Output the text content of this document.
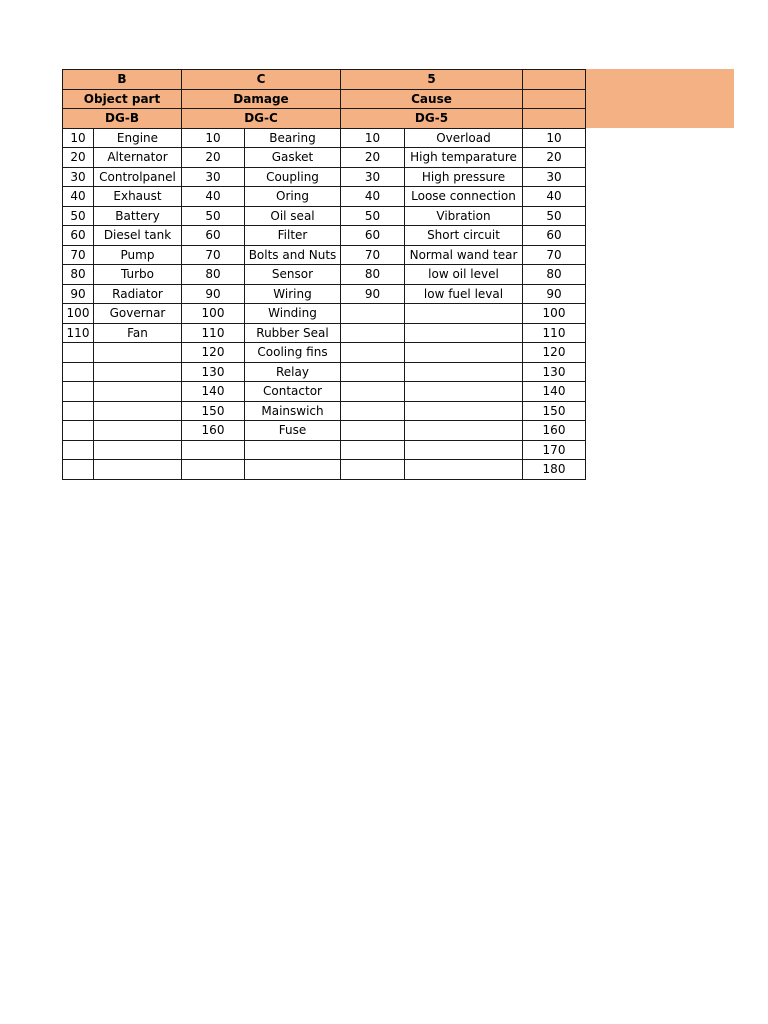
B		C		5		
Object part		Damage		Cause		
DG-B		DG-C		DG-5		
10	Engine	10	Bearing	10	Overload	10
20	Alternator	20	Gasket	20	High temparature	20
30	Controlpanel	30	Coupling	30	High pressure	30
40	Exhaust	40	Oring	40	Loose connection	40
50	Battery	50	Oil seal	50	Vibration	50
60	Diesel tank	60	Filter	60	Short circuit	60
70	Pump	70	Bolts and Nuts	70	Normal wand tear	70
80	Turbo	80	Sensor	80	low oil level	80
90	Radiator	90	Wiring	90	low fuel leval	90
100	Governar	100	Winding			100
110	Fan	110	Rubber Seal			110
		120	Cooling fins			120
		130	Relay			130
		140	Contactor			140
		150	Mainswich			150
		160	Fuse			160
						170
						180
